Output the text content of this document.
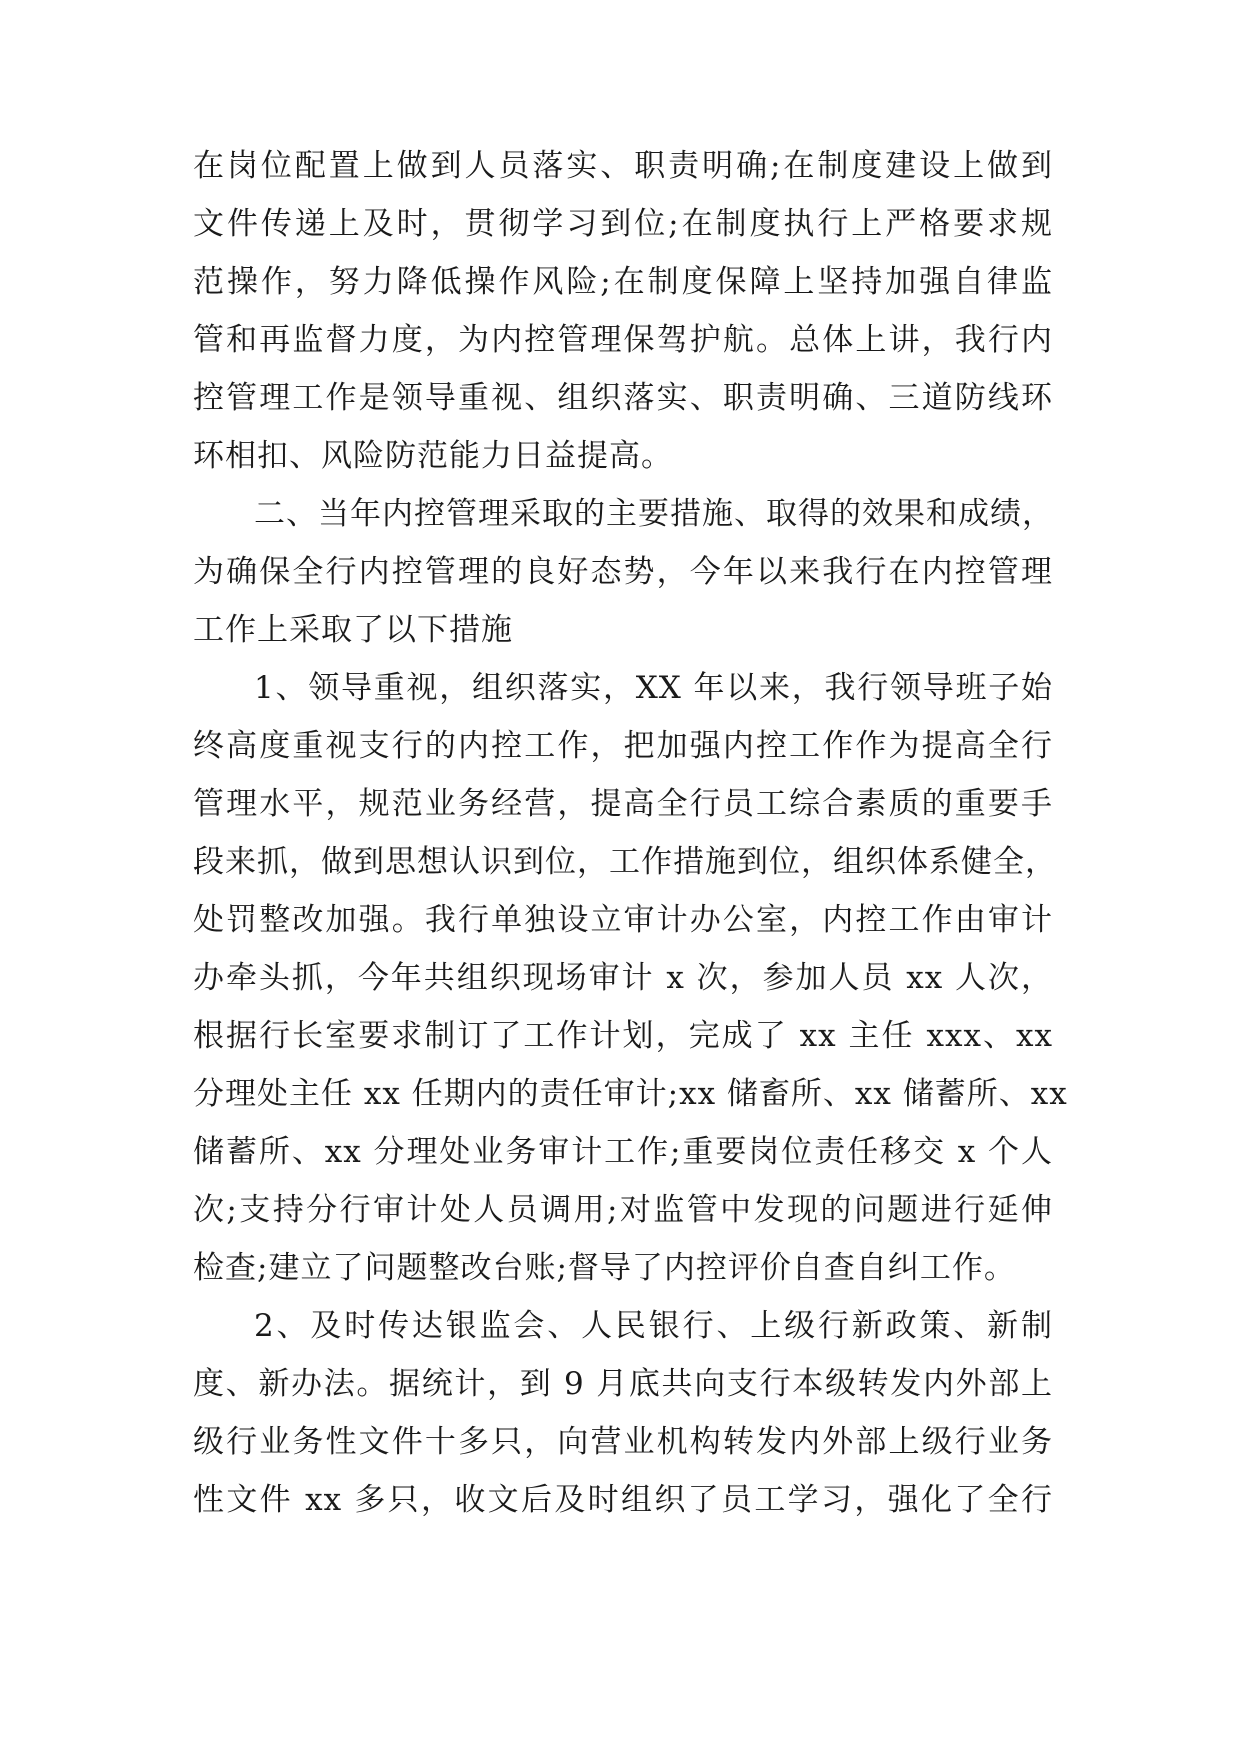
在岗位配置上做到人员落实、职责明确;在制度建设上做到
文件传递上及时，贯彻学习到位;在制度执行上严格要求规
范操作，努力降低操作风险;在制度保障上坚持加强自律监
管和再监督力度，为内控管理保驾护航。总体上讲，我行内
控管理工作是领导重视、组织落实、职责明确、三道防线环
环相扣、风险防范能力日益提高。
二、当年内控管理采取的主要措施、取得的效果和成绩，
为确保全行内控管理的良好态势，今年以来我行在内控管理
工作上采取了以下措施
1、领导重视，组织落实，XX 年以来，我行领导班子始
终高度重视支行的内控工作，把加强内控工作作为提高全行
管理水平，规范业务经营，提高全行员工综合素质的重要手
段来抓，做到思想认识到位，工作措施到位，组织体系健全，
处罚整改加强。我行单独设立审计办公室，内控工作由审计
办牵头抓，今年共组织现场审计 x 次，参加人员 xx 人次，
根据行长室要求制订了工作计划，完成了 xx 主任 xxx、xx
分理处主任 xx 任期内的责任审计;xx 储畜所、xx 储蓄所、xx
储蓄所、xx 分理处业务审计工作;重要岗位责任移交 x 个人
次;支持分行审计处人员调用;对监管中发现的问题进行延伸
检查;建立了问题整改台账;督导了内控评价自查自纠工作。
2、及时传达银监会、人民银行、上级行新政策、新制
度、新办法。据统计，到 9 月底共向支行本级转发内外部上
级行业务性文件十多只，向营业机构转发内外部上级行业务
性文件 xx 多只，收文后及时组织了员工学习，强化了全行
